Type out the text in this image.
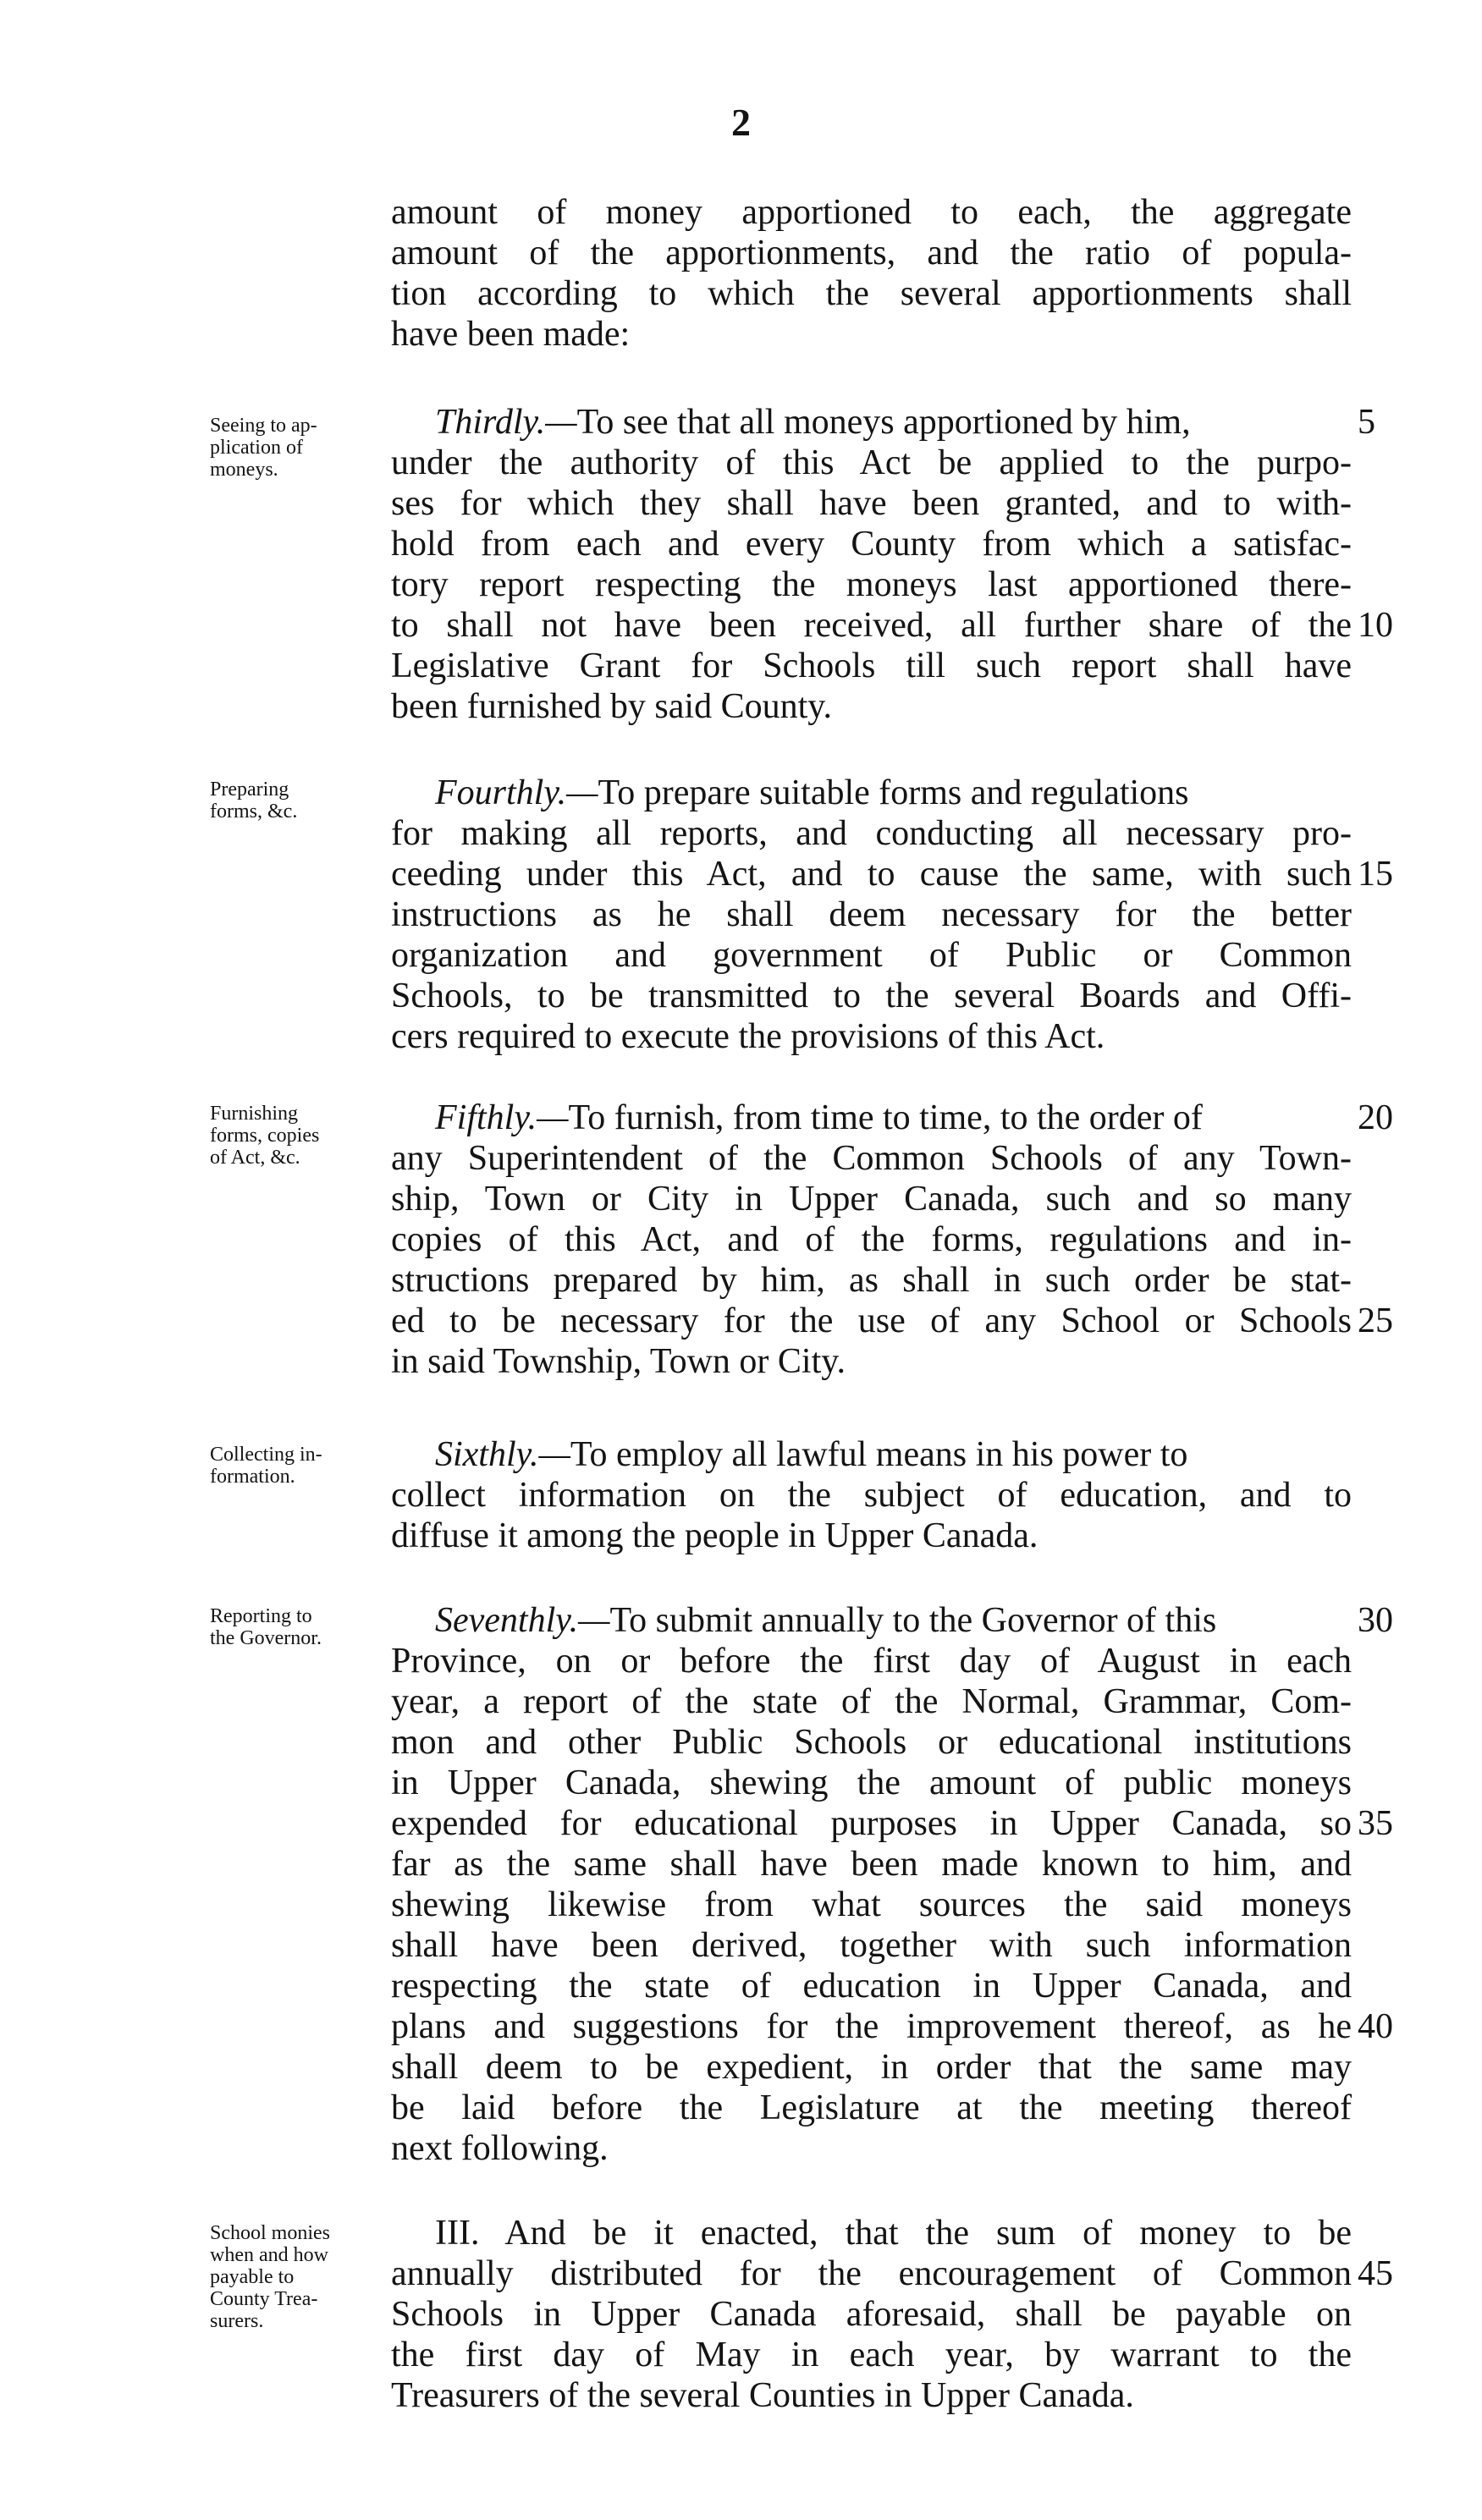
2
Seeing to ap-
plication of
moneys.
Preparing
forms, &c.
Furnishing
forms, copies
of Act, &c.
Collecting in-
formation.
Reporting to
the Governor.
School monies
when and how
payable to
County Trea-
surers.
amount of money apportioned to each, the aggregate
amount of the apportionments, and the ratio of popula-
tion according to which the several apportionments shall
have been made:
Thirdly.—To see that all moneys apportioned by him,
under the authority of this Act be applied to the purpo-
ses for which they shall have been granted, and to with-
hold from each and every County from which a satisfac-
tory report respecting the moneys last apportioned there-
to shall not have been received, all further share of the
Legislative Grant for Schools till such report shall have
been furnished by said County.
Fourthly.—To prepare suitable forms and regulations
for making all reports, and conducting all necessary pro-
ceeding under this Act, and to cause the same, with such
instructions as he shall deem necessary for the better
organization and government of Public or Common
Schools, to be transmitted to the several Boards and Offi-
cers required to execute the provisions of this Act.
Fifthly.—To furnish, from time to time, to the order of
any Superintendent of the Common Schools of any Town-
ship, Town or City in Upper Canada, such and so many
copies of this Act, and of the forms, regulations and in-
structions prepared by him, as shall in such order be stat-
ed to be necessary for the use of any School or Schools
in said Township, Town or City.
Sixthly.—To employ all lawful means in his power to
collect information on the subject of education, and to
diffuse it among the people in Upper Canada.
Seventhly.—To submit annually to the Governor of this
Province, on or before the first day of August in each
year, a report of the state of the Normal, Grammar, Com-
mon and other Public Schools or educational institutions
in Upper Canada, shewing the amount of public moneys
expended for educational purposes in Upper Canada, so
far as the same shall have been made known to him, and
shewing likewise from what sources the said moneys
shall have been derived, together with such information
respecting the state of education in Upper Canada, and
plans and suggestions for the improvement thereof, as he
shall deem to be expedient, in order that the same may
be laid before the Legislature at the meeting thereof
next following.
III. And be it enacted, that the sum of money to be
annually distributed for the encouragement of Common
Schools in Upper Canada aforesaid, shall be payable on
the first day of May in each year, by warrant to the
Treasurers of the several Counties in Upper Canada.
5
10
15
20
25
30
35
40
45
